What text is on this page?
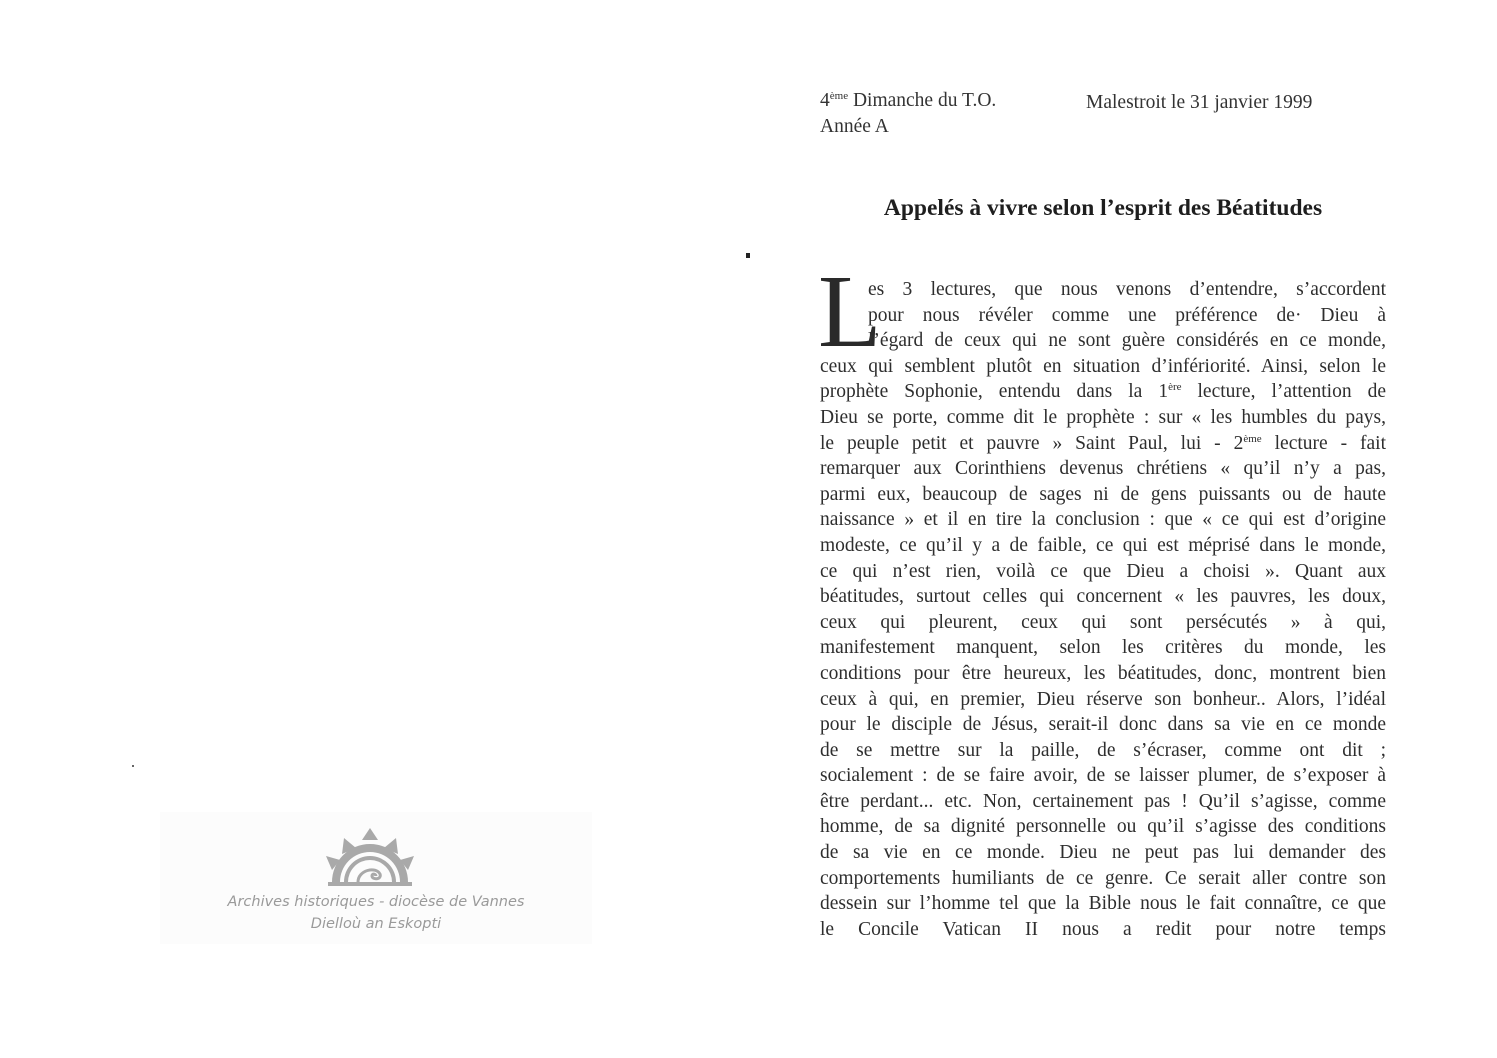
Archives historiques - diocèse de Vannes
Dielloù an Eskopti
4ème Dimanche du T.O.
Année A
Malestroit le 31 janvier 1999
Appelés à vivre selon l’esprit des Béatitudes
L
es 3 lectures, que nous venons d’entendre, s’accordent
pour nous révéler comme une préférence de· Dieu à
l’égard de ceux qui ne sont guère considérés en ce monde,
ceux qui semblent plutôt en situation d’infériorité. Ainsi, selon le
prophète Sophonie, entendu dans la 1ère lecture, l’attention de
Dieu se porte, comme dit le prophète : sur « les humbles du pays,
le peuple petit et pauvre » Saint Paul, lui - 2ème lecture - fait
remarquer aux Corinthiens devenus chrétiens « qu’il n’y a pas,
parmi eux, beaucoup de sages ni de gens puissants ou de haute
naissance » et il en tire la conclusion : que « ce qui est d’origine
modeste, ce qu’il y a de faible, ce qui est méprisé dans le monde,
ce qui n’est rien, voilà ce que Dieu a choisi ». Quant aux
béatitudes, surtout celles qui concernent « les pauvres, les doux,
ceux qui pleurent, ceux qui sont persécutés » à qui,
manifestement manquent, selon les critères du monde, les
conditions pour être heureux, les béatitudes, donc, montrent bien
ceux à qui, en premier, Dieu réserve son bonheur.. Alors, l’idéal
pour le disciple de Jésus, serait-il donc dans sa vie en ce monde
de se mettre sur la paille, de s’écraser, comme ont dit ;
socialement : de se faire avoir, de se laisser plumer, de s’exposer à
être perdant... etc. Non, certainement pas ! Qu’il s’agisse, comme
homme, de sa dignité personnelle ou qu’il s’agisse des conditions
de sa vie en ce monde. Dieu ne peut pas lui demander des
comportements humiliants de ce genre. Ce serait aller contre son
dessein sur l’homme tel que la Bible nous le fait connaître, ce que
le Concile Vatican II nous a redit pour notre temps
